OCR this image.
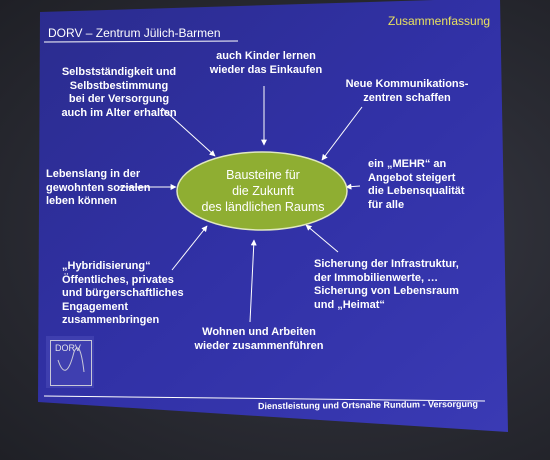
DORV – Zentrum Jülich-Barmen
Zusammenfassung
Bausteine für
die Zukunft
des ländlichen Raums
Selbstständigkeit und
Selbstbestimmung
bei der Versorgung
auch im Alter erhalten
auch Kinder lernen
wieder das Einkaufen
Neue Kommunikations-
zentren schaffen
Lebenslang in der
gewohnten sozialen
leben können
ein „MEHR“ an
Angebot steigert
die Lebensqualität
für alle
„Hybridisierung“
Öffentliches, privates
und bürgerschaftliches
Engagement
zusammenbringen
Sicherung der Infrastruktur,
der Immobilienwerte, …
Sicherung von Lebensraum
und „Heimat“
Wohnen und Arbeiten
wieder zusammenführen
DORV
Dienstleistung und Ortsnahe Rundum - Versorgung
